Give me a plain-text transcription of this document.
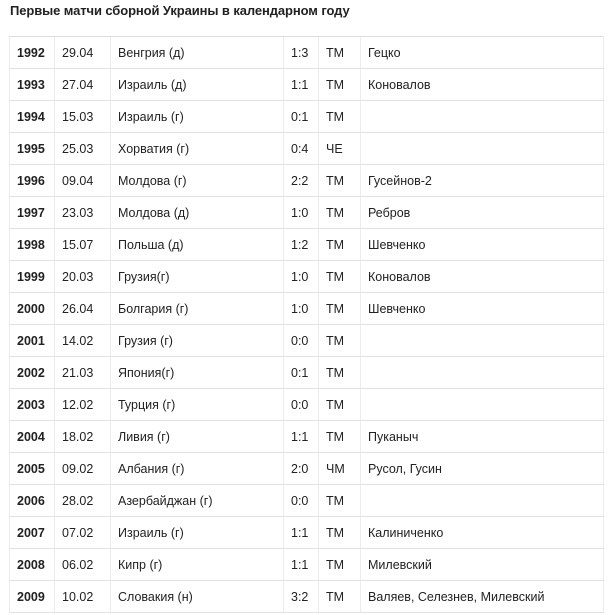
Первые матчи сборной Украины в календарном году
1992	29.04	Венгрия (д)	1:3	ТМ	Гецко
1993	27.04	Израиль (д)	1:1	ТМ	Коновалов
1994	15.03	Израиль (г)	0:1	ТМ	
1995	25.03	Хорватия (г)	0:4	ЧЕ	
1996	09.04	Молдова (г)	2:2	ТМ	Гусейнов-2
1997	23.03	Молдова (д)	1:0	ТМ	Ребров
1998	15.07	Польша (д)	1:2	ТМ	Шевченко
1999	20.03	Грузия(г)	1:0	ТМ	Коновалов
2000	26.04	Болгария (г)	1:0	ТМ	Шевченко
2001	14.02	Грузия (г)	0:0	ТМ	
2002	21.03	Япония(г)	0:1	ТМ	
2003	12.02	Турция (г)	0:0	ТМ	
2004	18.02	Ливия (г)	1:1	ТМ	Пуканыч
2005	09.02	Албания (г)	2:0	ЧМ	Русол, Гусин
2006	28.02	Азербайджан (г)	0:0	ТМ	
2007	07.02	Израиль (г)	1:1	ТМ	Калиниченко
2008	06.02	Кипр (г)	1:1	ТМ	Милевский
2009	10.02	Словакия (н)	3:2	ТМ	Валяев, Селезнев, Милевский
